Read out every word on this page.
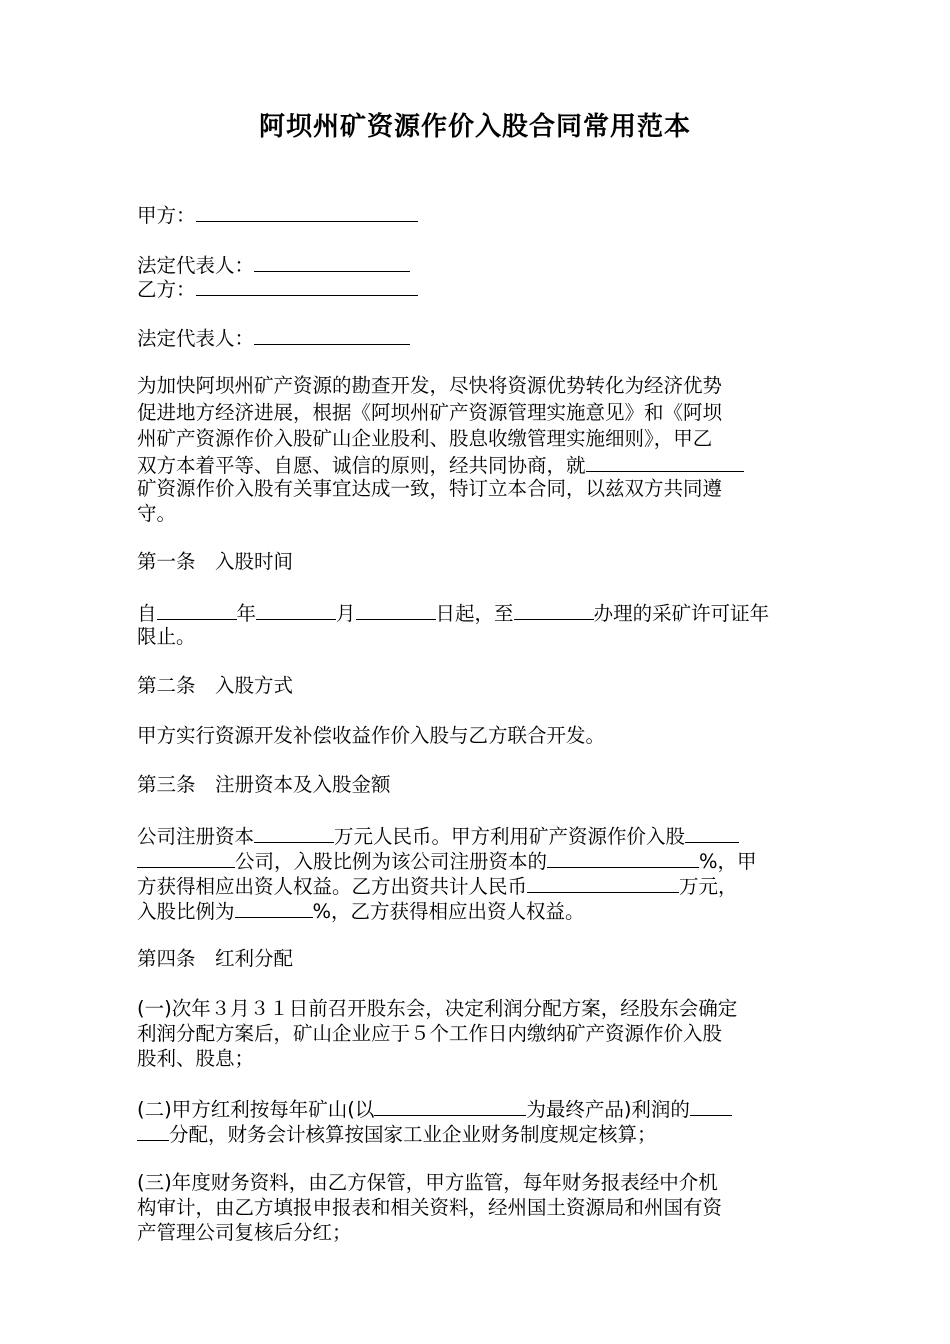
阿坝州矿资源作价入股合同常用范本

甲方：

法定代表人：

乙方：

法定代表人：

为加快阿坝州矿产资源的勘查开发，尽快将资源优势转化为经济优势

促进地方经济进展，根据《阿坝州矿产资源管理实施意见》和《阿坝

州矿产资源作价入股矿山企业股利、股息收缴管理实施细则》，甲乙

双方本着平等、自愿、诚信的原则，经共同协商，就

矿资源作价入股有关事宜达成一致，特订立本合同，以兹双方共同遵

守。

第一条　入股时间

自	年	月	日起，至	办理的采矿许可证年

限止。

第二条　入股方式

甲方实行资源开发补偿收益作价入股与乙方联合开发。

第三条　注册资本及入股金额

公司注册资本	万元人民币。甲方利用矿产资源作价入股

公司，入股比例为该公司注册资本的	%，甲

方获得相应出资人权益。乙方出资共计人民币	万元，

入股比例为	%，乙方获得相应出资人权益。

第四条　红利分配

(一)次年３月３１日前召开股东会，决定利润分配方案，经股东会确定

利润分配方案后，矿山企业应于５个工作日内缴纳矿产资源作价入股

股利、股息；

(二)甲方红利按每年矿山(以	为最终产品)利润的

分配，财务会计核算按国家工业企业财务制度规定核算；

(三)年度财务资料，由乙方保管，甲方监管，每年财务报表经中介机

构审计，由乙方填报申报表和相关资料，经州国土资源局和州国有资

产管理公司复核后分红；
